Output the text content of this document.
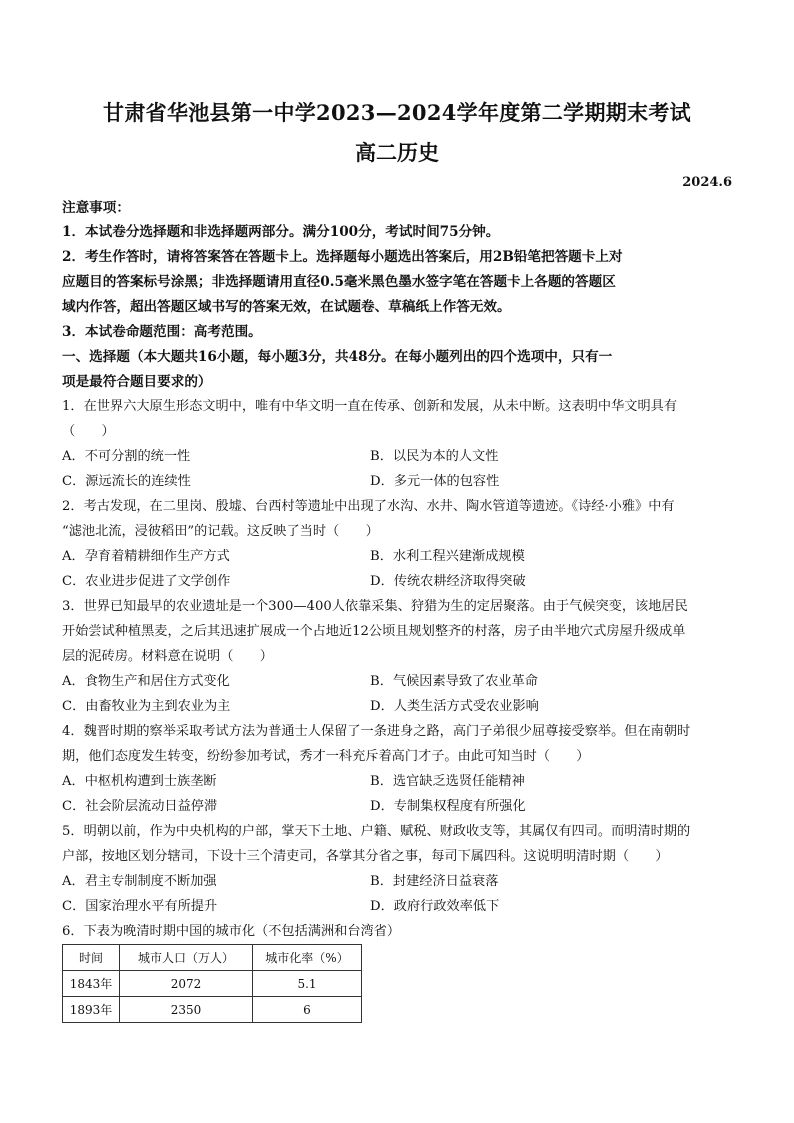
甘肃省华池县第一中学2023—2024学年度第二学期期末考试
高二历史
2024.6
注意事项：
1．本试卷分选择题和非选择题两部分。满分100分，考试时间75分钟。
2．考生作答时，请将答案答在答题卡上。选择题每小题选出答案后，用2B铅笔把答题卡上对
应题目的答案标号涂黑；非选择题请用直径0.5毫米黑色墨水签字笔在答题卡上各题的答题区
域内作答，超出答题区域书写的答案无效，在试题卷、草稿纸上作答无效。
3．本试卷命题范围：高考范围。
一、选择题（本大题共16小题，每小题3分，共48分。在每小题列出的四个选项中，只有一
项是最符合题目要求的）
1．在世界六大原生形态文明中，唯有中华文明一直在传承、创新和发展，从未中断。这表明中华文明具有
（　　）
A．不可分割的统一性	B．以民为本的人文性
C．源远流长的连续性	D．多元一体的包容性
2．考古发现，在二里岗、殷墟、台西村等遗址中出现了水沟、水井、陶水管道等遗迹。《诗经·小雅》中有
“滤池北流，浸彼稻田”的记载。这反映了当时（　　）
A．孕育着精耕细作生产方式	B．水利工程兴建渐成规模
C．农业进步促进了文学创作	D．传统农耕经济取得突破
3．世界已知最早的农业遗址是一个300—400人依靠采集、狩猎为生的定居聚落。由于气候突变，该地居民
开始尝试种植黑麦，之后其迅速扩展成一个占地近12公顷且规划整齐的村落，房子由半地穴式房屋升级成单
层的泥砖房。材料意在说明（　　）
A．食物生产和居住方式变化	B．气候因素导致了农业革命
C．由畜牧业为主到农业为主	D．人类生活方式受农业影响
4．魏晋时期的察举采取考试方法为普通士人保留了一条进身之路，高门子弟很少屈尊接受察举。但在南朝时
期，他们态度发生转变，纷纷参加考试，秀才一科充斥着高门才子。由此可知当时（　　）
A．中枢机构遭到士族垄断	B．选官缺乏选贤任能精神
C．社会阶层流动日益停滞	D．专制集权程度有所强化
5．明朝以前，作为中央机构的户部，掌天下土地、户籍、赋税、财政收支等，其属仅有四司。而明清时期的
户部，按地区划分辖司，下设十三个清吏司，各掌其分省之事，每司下属四科。这说明明清时期（　　）
A．君主专制制度不断加强	B．封建经济日益衰落
C．国家治理水平有所提升	D．政府行政效率低下
6．下表为晚清时期中国的城市化（不包括满洲和台湾省）
时间	城市人口（万人）	城市化率（%）
1843年	2072	5.1
1893年	2350	6
